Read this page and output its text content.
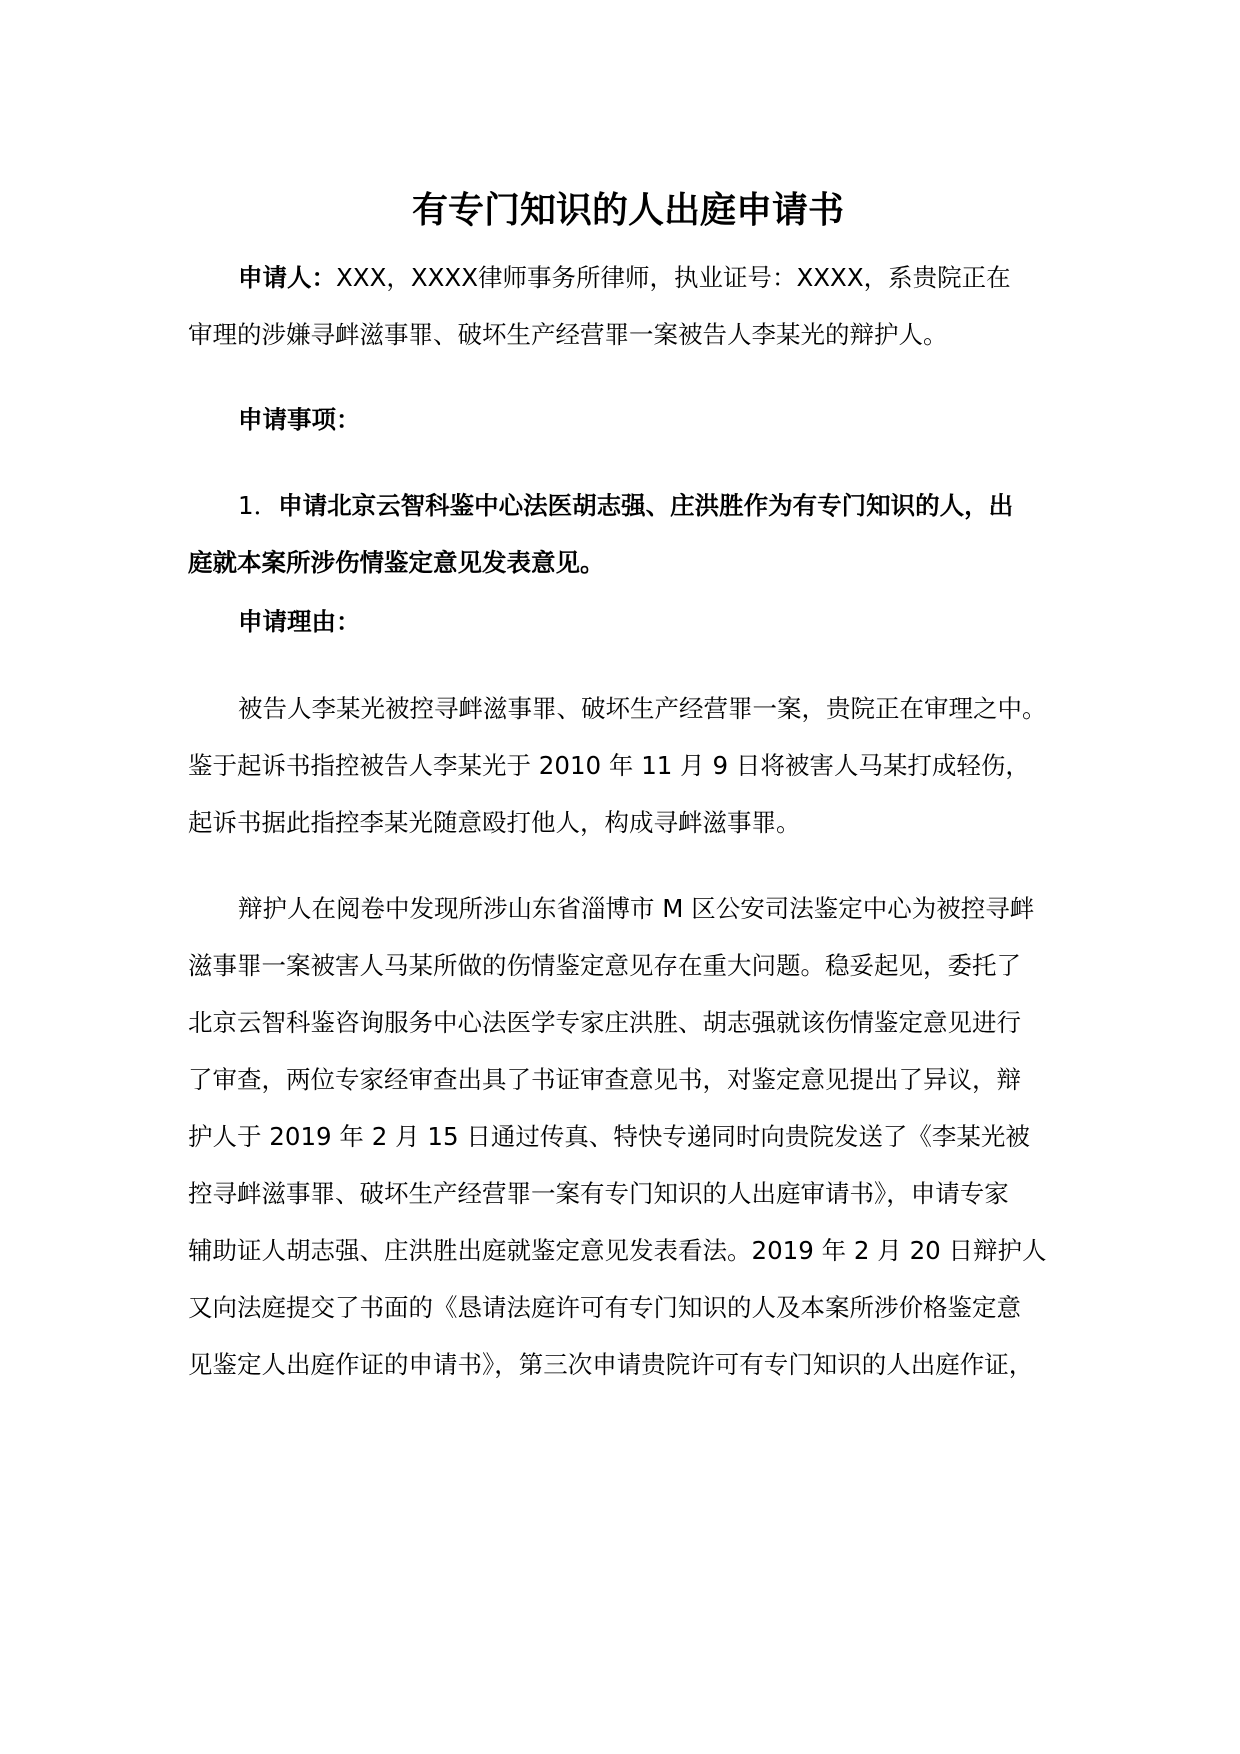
有专门知识的人出庭申请书
申请人：XXX，XXXX律师事务所律师，执业证号：XXXX，系贵院正在
审理的涉嫌寻衅滋事罪、破坏生产经营罪一案被告人李某光的辩护人。
申请事项：
1．申请北京云智科鉴中心法医胡志强、庄洪胜作为有专门知识的人，出
庭就本案所涉伤情鉴定意见发表意见。
申请理由：
被告人李某光被控寻衅滋事罪、破坏生产经营罪一案，贵院正在审理之中。
鉴于起诉书指控被告人李某光于 2010 年 11 月 9 日将被害人马某打成轻伤，
起诉书据此指控李某光随意殴打他人，构成寻衅滋事罪。
辩护人在阅卷中发现所涉山东省淄博市 M 区公安司法鉴定中心为被控寻衅
滋事罪一案被害人马某所做的伤情鉴定意见存在重大问题。稳妥起见，委托了
北京云智科鉴咨询服务中心法医学专家庄洪胜、胡志强就该伤情鉴定意见进行
了审查，两位专家经审查出具了书证审查意见书，对鉴定意见提出了异议，辩
护人于 2019 年 2 月 15 日通过传真、特快专递同时向贵院发送了《李某光被
控寻衅滋事罪、破坏生产经营罪一案有专门知识的人出庭审请书》，申请专家
辅助证人胡志强、庄洪胜出庭就鉴定意见发表看法。2019 年 2 月 20 日辩护人
又向法庭提交了书面的《恳请法庭许可有专门知识的人及本案所涉价格鉴定意
见鉴定人出庭作证的申请书》，第三次申请贵院许可有专门知识的人出庭作证，
